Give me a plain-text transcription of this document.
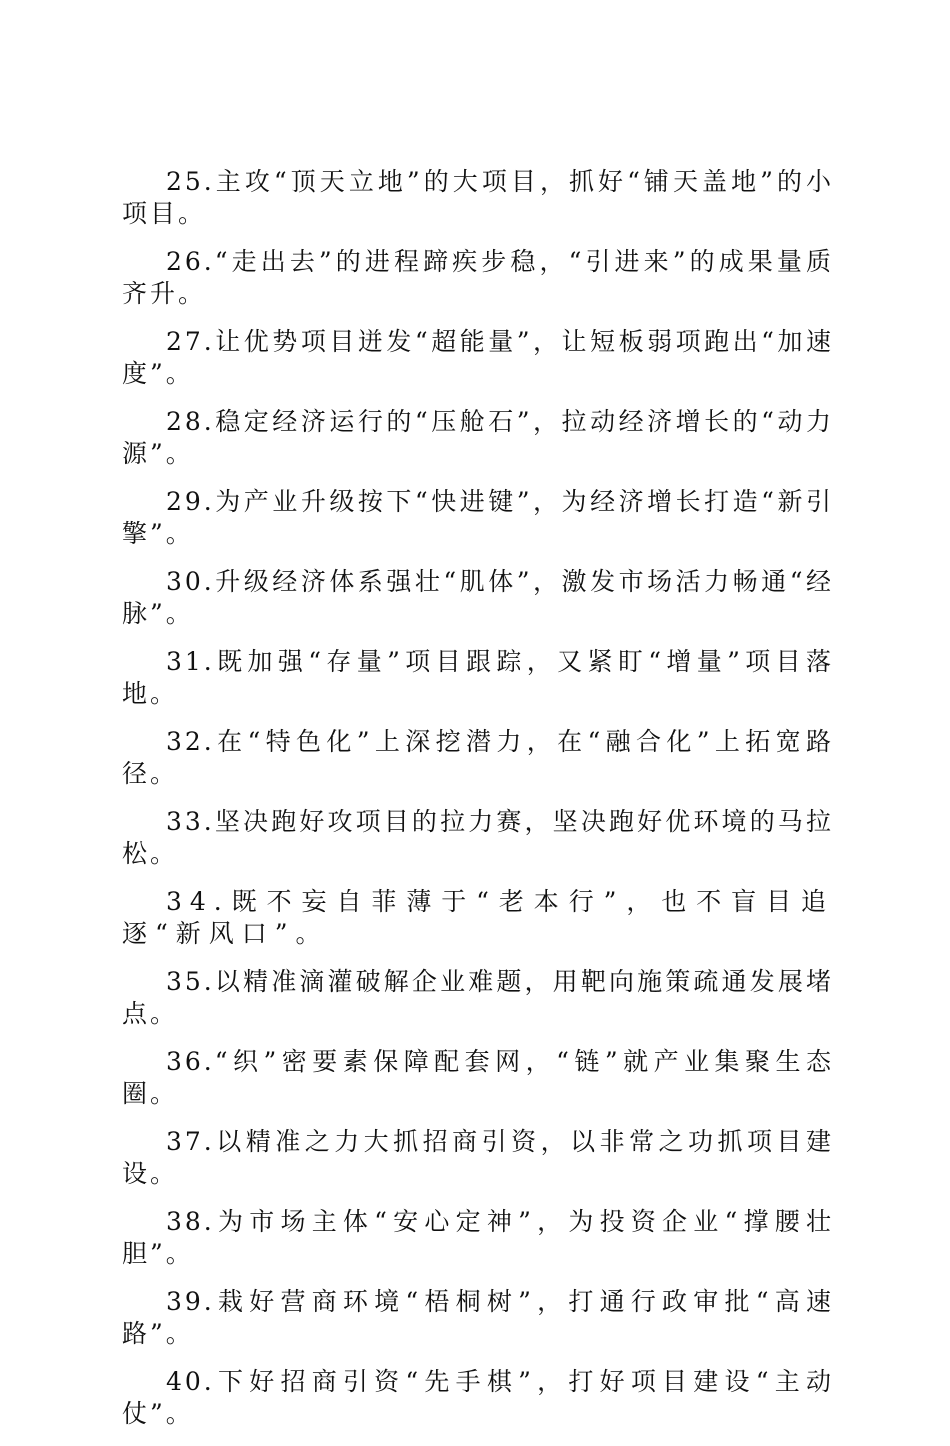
25.主攻“顶天立地”的大项目，抓好“铺天盖地”的小项目。

26.“走出去”的进程蹄疾步稳，“引进来”的成果量质齐升。

27.让优势项目迸发“超能量”，让短板弱项跑出“加速度”。

28.稳定经济运行的“压舱石”，拉动经济增长的“动力源”。

29.为产业升级按下“快进键”，为经济增长打造“新引擎”。

30.升级经济体系强壮“肌体”，激发市场活力畅通“经脉”。

31.既加强“存量”项目跟踪，又紧盯“增量”项目落地。

32.在“特色化”上深挖潜力，在“融合化”上拓宽路径。

33.坚决跑好攻项目的拉力赛，坚决跑好优环境的马拉松。

34.既不妄自菲薄于“老本行”，也不盲目追逐“新风口”。

35.以精准滴灌破解企业难题，用靶向施策疏通发展堵点。

36.“织”密要素保障配套网，“链”就产业集聚生态圈。

37.以精准之力大抓招商引资，以非常之功抓项目建设。

38.为市场主体“安心定神”，为投资企业“撑腰壮胆”。

39.栽好营商环境“梧桐树”，打通行政审批“高速路”。

40.下好招商引资“先手棋”，打好项目建设“主动仗”。
